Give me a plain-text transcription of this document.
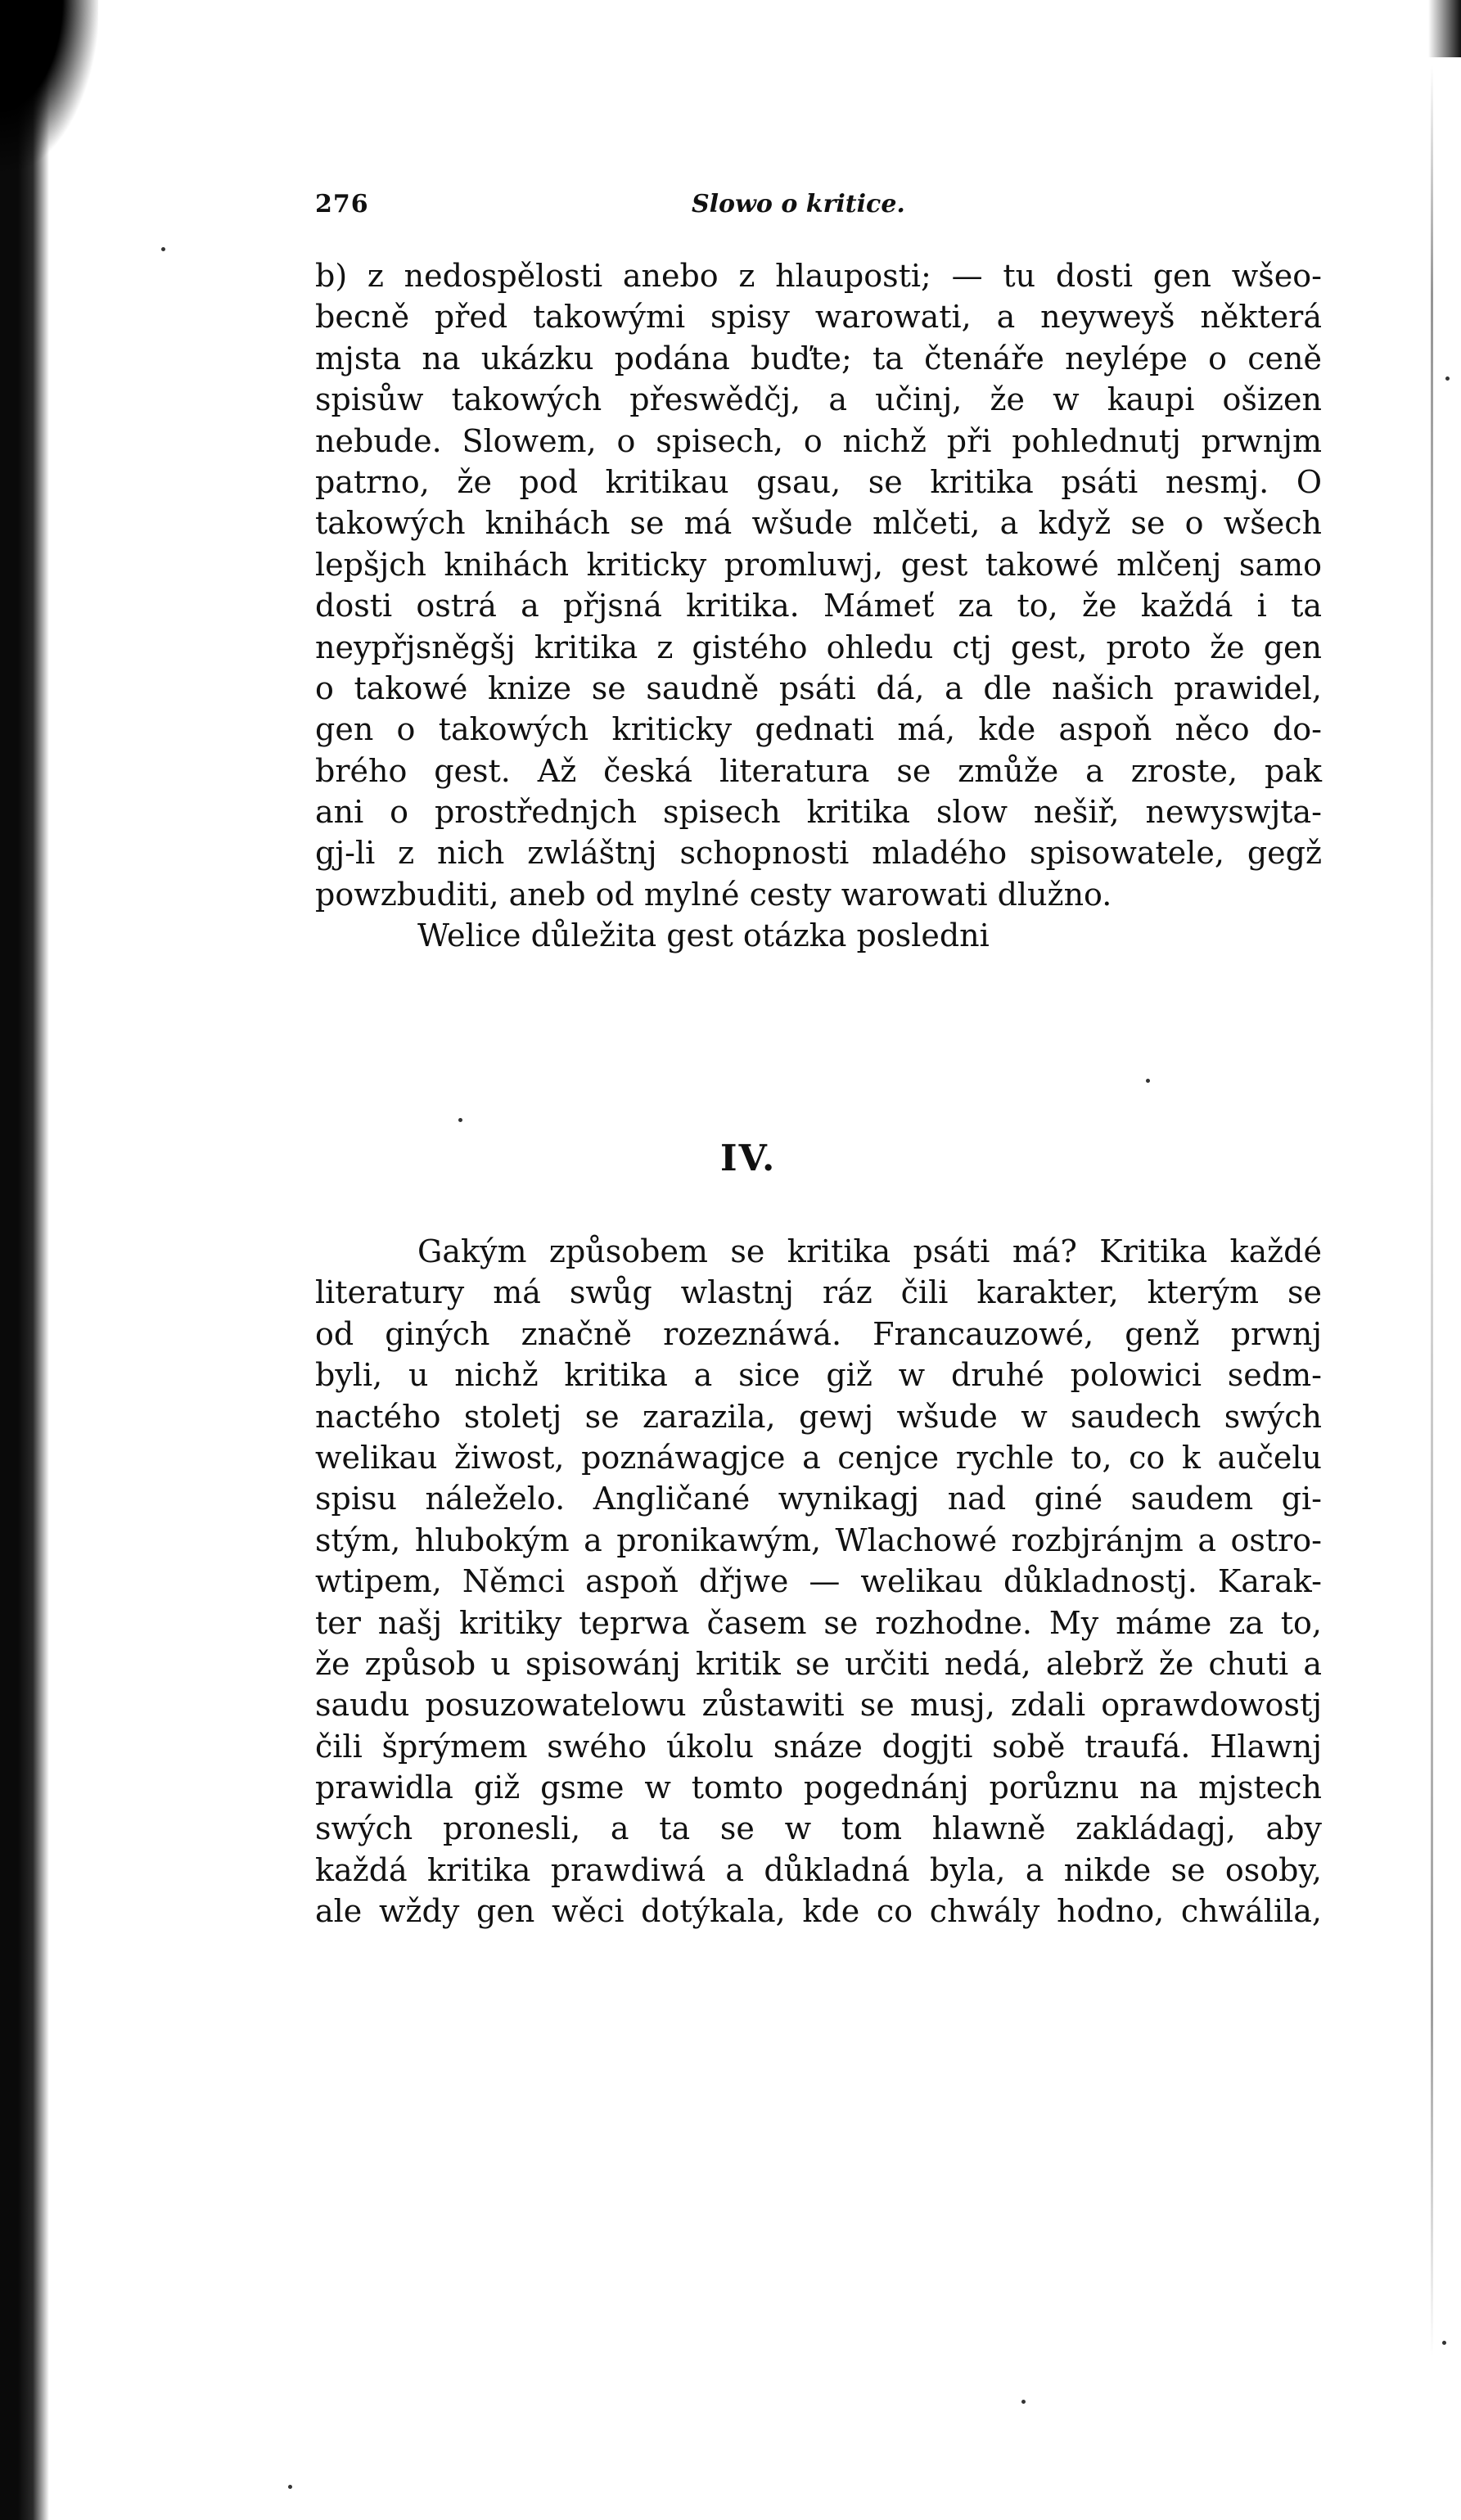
276	Slowo o kritice.
b) z nedospělosti anebo z hlauposti; — tu dosti gen wšeo-
becně před takowými spisy warowati, a neyweyš některá
mjsta na ukázku podána buďte; ta čtenáře neylépe o ceně
spisůw takowých přeswědčj, a učinj, že w kaupi ošizen
nebude. Slowem, o spisech, o nichž při pohlednutj prwnjm
patrno, že pod kritikau gsau, se kritika psáti nesmj. O
takowých knihách se má wšude mlčeti, a když se o wšech
lepšjch knihách kriticky promluwj, gest takowé mlčenj samo
dosti ostrá a přjsná kritika. Mámeť za to, že každá i ta
neypřjsněgšj kritika z gistého ohledu ctj gest, proto že gen
o takowé knize se saudně psáti dá, a dle našich prawidel,
gen o takowých kriticky gednati má, kde aspoň něco do-
brého gest. Až česká literatura se zmůže a zroste, pak
ani o prostřednjch spisech kritika slow nešiř, newyswjta-
gj-li z nich zwláštnj schopnosti mladého spisowatele, gegž
powzbuditi, aneb od mylné cesty warowati dlužno.
Welice důležita gest otázka posledni
IV.
Gakým způsobem se kritika psáti má? Kritika každé
literatury má swůg wlastnj ráz čili karakter, kterým se
od giných značně rozeznáwá. Francauzowé, genž prwnj
byli, u nichž kritika a sice giž w druhé polowici sedm-
nactého stoletj se zarazila, gewj wšude w saudech swých
welikau žiwost, poznáwagjce a cenjce rychle to, co k aučelu
spisu náleželo. Angličané wynikagj nad giné saudem gi-
stým, hlubokým a pronikawým, Wlachowé rozbjránjm a ostro-
wtipem, Němci aspoň dřjwe — welikau důkladnostj. Karak-
ter našj kritiky teprwa časem se rozhodne. My máme za to,
že způsob u spisowánj kritik se určiti nedá, alebrž že chuti a
saudu posuzowatelowu zůstawiti se musj, zdali oprawdowostj
čili šprýmem swého úkolu snáze dogjti sobě traufá. Hlawnj
prawidla giž gsme w tomto pogednánj porůznu na mjstech
swých pronesli, a ta se w tom hlawně zakládagj, aby
každá kritika prawdiwá a důkladná byla, a nikde se osoby,
ale wždy gen wěci dotýkala, kde co chwály hodno, chwálila,
